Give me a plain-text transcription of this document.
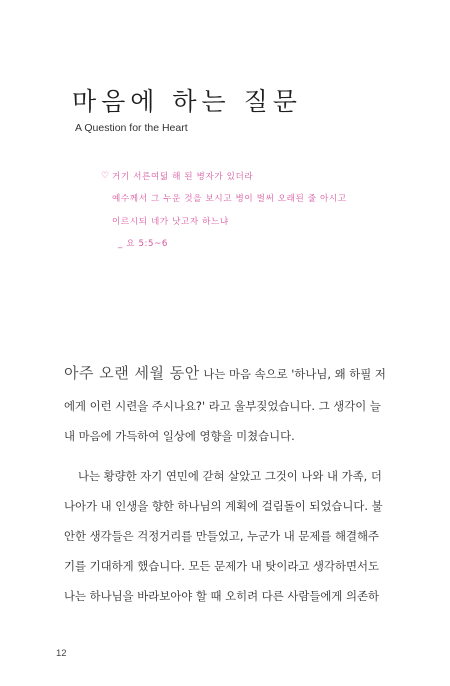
마음에 하는 질문
A Question for the Heart
♡ 거기 서른여덟 해 된 병자가 있더라
예수께서 그 누운 것을 보시고 병이 벌써 오래된 줄 아시고
이르시되 네가 낫고자 하느냐
_ 요 5:5~6
아주 오랜 세월 동안 나는 마음 속으로 '하나님, 왜 하필 저
에게 이런 시련을 주시나요?' 라고 울부짖었습니다. 그 생각이 늘
내 마음에 가득하여 일상에 영향을 미쳤습니다.
나는 황량한 자기 연민에 갇혀 살았고 그것이 나와 내 가족, 더
나아가 내 인생을 향한 하나님의 계획에 걸림돌이 되었습니다. 불
안한 생각들은 걱정거리를 만들었고, 누군가 내 문제를 해결해주
기를 기대하게 했습니다. 모든 문제가 내 탓이라고 생각하면서도
나는 하나님을 바라보아야 할 때 오히려 다른 사람들에게 의존하
12
